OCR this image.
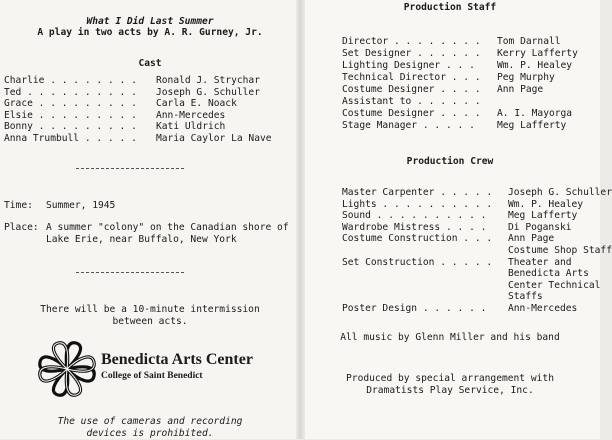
What I Did Last Summer
A play in two acts by A. R. Gurney, Jr.
Cast
Charlie . . . . . . . . Ronald J. Strychar
Ted . . . . . . . . . . Joseph G. Schuller
Grace . . . . . . . . . Carla E. Noack
Elsie . . . . . . . . . Ann-Mercedes
Bonny . . . . . . . . . Kati Uldrich
Anna Trumbull . . . . . Maria Caylor La Nave
Time: Summer, 1945
Place: A summer "colony" on the Canadian shore of
Lake Erie, near Buffalo, New York
There will be a 10-minute intermission
between acts.
Benedicta Arts Center
College of Saint Benedict
The use of cameras and recording
devices is prohibited.
Production Staff
Director . . . . . . . . Tom Darnall
Set Designer . . . . . . Kerry Lafferty
Lighting Designer . . . Wm. P. Healey
Technical Director . . . Peg Murphy
Costume Designer . . . . Ann Page
Assistant to . . . . . .
Costume Designer . . . . A. I. Mayorga
Stage Manager . . . . . Meg Lafferty
Production Crew
Master Carpenter . . . . . Joseph G. Schuller
Lights . . . . . . . . . . Wm. P. Healey
Sound . . . . . . . . . . Meg Lafferty
Wardrobe Mistress . . . . Di Poganski
Costume Construction . . . Ann Page
Costume Shop Staff
Set Construction . . . . . Theater and
Benedicta Arts
Center Technical
Staffs
Poster Design . . . . . . Ann-Mercedes
All music by Glenn Miller and his band
Produced by special arrangement with
Dramatists Play Service, Inc.
